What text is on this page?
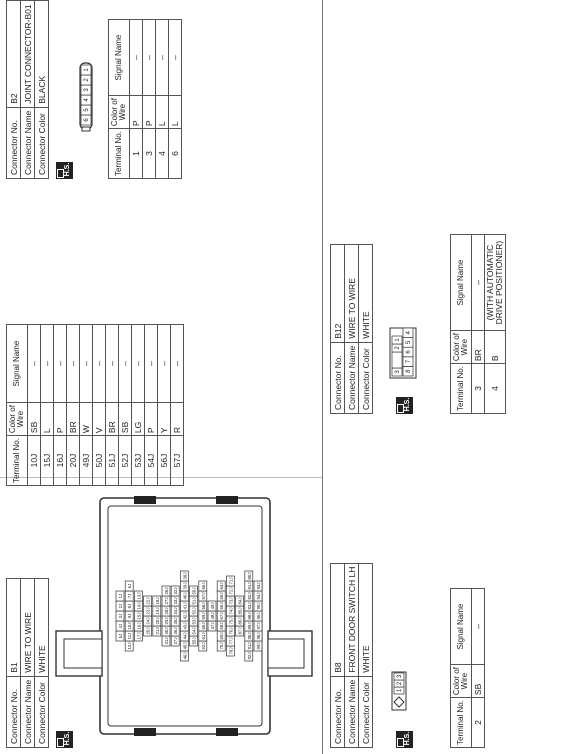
Connector No.	B1
Connector Name	WIRE TO WIRE
Connector Color	WHITE
H.S.
5J
4J
3J
2J
1J
12J
11J
10J
9J
8J
7J
6J
17J
16J
15J
14J
13J
25J
24J
23J
22J
21J
20J
19J
18J
31J
30J
29J
28J
27J
26J
37J
36J
35J
34J
33J
32J
46J
45J
44J
43J
42J
41J
40J
39J
38J
55J
54J
53J
52J
51J
50J
62J
61J
60J
59J
58J
57J
56J
47J
48J
49J
70J
69J
68J
67J
66J
65J
64J
78J
77J
76J
75J
74J
73J
72J
71J
87J
86J
85J
84J
92J
91J
90J
89J
88J
83J
82J
81J
80J
99J
98J
97J
96J
95J
94J
93J
Terminal No.	Color of
Wire	Signal Name
10J	SB	–
15J	L	–
16J	P	–
20J	BR	–
49J	W	–
50J	V	–
51J	BR	–
52J	SB	–
53J	LG	–
54J	P	–
56J	Y	–
57J	R	–
Connector No.	B2
Connector Name	JOINT CONNECTOR-B01
Connector Color	BLACK
H.S.
6
5
4
3
2
1
Terminal No.	Color of
Wire	Signal Name
1	P	–
3	P	–
4	L	–
6	L	–
Connector No.	B8
Connector Name	FRONT DOOR SWITCH LH
Connector Color	WHITE
H.S.
1
2
3
Terminal No.	Color of
Wire	Signal Name
2	SB	–
Connector No.	B12
Connector Name	WIRE TO WIRE
Connector Color	WHITE
H.S.
3
2
1
8
7
6
5
4
Terminal No.	Color of
Wire	Signal Name
3	BR	–
4	B	(WITH AUTOMATIC DRIVE POSITIONER)
